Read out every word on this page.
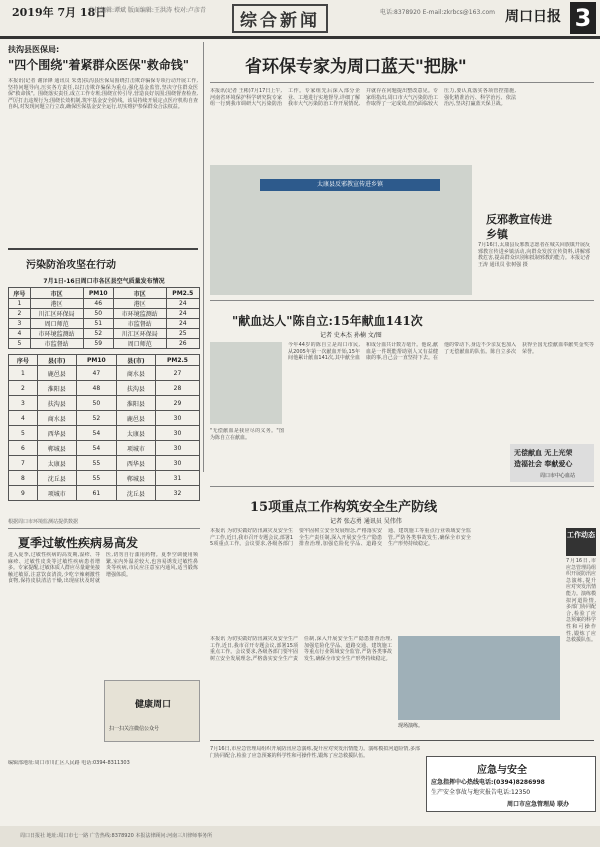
2019年 7月 18日
责任编辑:谭斌 版面编辑:王洪涛 校对:卢彦青
综合新闻	电话:8378920 E-mail:zkrbcs@163.com 周口日报 3
扶沟县医保局:
"四个围绕"着紧群众医保"救命钱"
本报讯(记者 谢泽锋 通讯员 朱勇)扶沟县医保局围绕打击欺诈骗保专项行动开展工作,坚持问题导向,压实各方责任,以打击欺诈骗保为重点,强化基金监管,坚决守住群众医保"救命钱"。围绕落实责任,成立工作专班;围绕宣传引导,营造良好氛围;围绕督查检查,严厉打击违规行为;围绕长效机制,筑牢基金安全防线。该局持续开展定点医疗机构自查自纠,对发现问题立行立改,确保医保基金安全运行,切实维护参保群众合法权益。
污染防治攻坚在行动
7月1日-16日周口市各区县空气质量发布情况
序号	市区	PM10	市区	PM2.5
1	港区	46	港区	24
2	川汇区环保局	50	市环境监测站	24
3	周口师范	51	市监督站	24
4	市环境监测站	52	川汇区环保局	25
5	市监督站	59	周口师范	26
序号	县(市)	PM10	县(市)	PM2.5
1	鹿邑县	47	商水县	27
2	淮阳县	48	扶沟县	28
3	扶沟县	50	淮阳县	29
4	商水县	52	鹿邑县	30
5	西华县	54	太康县	30
6	郸城县	54	项城市	30
7	太康县	55	西华县	30
8	沈丘县	55	郸城县	31
9	项城市	61	沈丘县	32
根据周口市环境监测站提供数据
夏季过敏性疾病易高发
进入夏季,过敏性疾病的高发期,湿疹、荨麻疹、过敏性皮炎等过敏性疾病患者增多。专家提醒,过敏体质人群应尽量避免接触过敏原,注意饮食清淡,少吃辛辣刺激性食物,保持皮肤清洁干燥,出现症状及时就医,切勿自行滥用药物。夏季空调使用频繁,室内外温差较大,也容易诱发过敏性鼻炎等疾病,市民应注意室内通风,适当锻炼增强体质。
健康周口
扫一扫关注微信公众号
编辑部地址:周口市川汇区人民路 电话:0394-8311303
省环保专家为周口蓝天"把脉"
本报讯(记者 王彬)7月17日上午,河南省环境保护科学研究院专家组一行到我市调研大气污染防治工作。专家组先后深入部分企业、工地进行实地督导,详细了解我市大气污染防治工作开展情况,并就存在问题提出整改意见。专家组指出,周口市大气污染防治工作取得了一定成效,但仍面临较大压力,要认真落实各项管控措施,强化精准治污、科学治污、依法治污,坚决打赢蓝天保卫战。
太康县反邪教宣传进乡镇
反邪教宣传进乡镇
7月16日,太康县反邪教志愿者在城关回族镇开展反邪教宣传进乡镇活动,向群众发放宣传资料,讲解邪教危害,提高群众识别和抵制邪教的能力。本报记者 王涛 通讯员 张树强 摄
"献血达人"陈自立:15年献血141次
记者 史本杰 孙楠 文/图
"无偿献血是我应尽的义务。"图为陈自立在献血。
今年44岁的陈自立是周口市民,从2005年第一次献血开始,15年间他累计献血141次,其中献全血和成分血共计数万毫升。他说,献血是一件既能帮助别人又有益健康的事,自己会一直坚持下去。在他的带动下,身边不少亲友也加入了无偿献血的队伍。陈自立多次获得全国无偿献血奉献奖金奖等荣誉。
无偿献血 无上光荣
造福社会 奉献爱心
周口市中心血站
15项重点工作构筑安全生产防线
记者 张志勇 通讯员 吴伟伟
本报讯 为切实做好防汛减灾及安全生产工作,近日,我市召开专题会议,部署15项重点工作。会议要求,各级各部门要牢固树立安全发展理念,严格落实安全生产责任制,深入开展安全生产隐患排查治理,加强危险化学品、道路交通、建筑施工等重点行业领域安全监管,严防各类事故发生,确保全市安全生产形势持续稳定。
现场演练。
本报讯 为切实做好防汛减灾及安全生产工作,近日,我市召开专题会议,部署15项重点工作。会议要求,各级各部门要牢固树立安全发展理念,严格落实安全生产责任制,深入开展安全生产隐患排查治理,加强危险化学品、道路交通、建筑施工等重点行业领域安全监管,严防各类事故发生,确保全市安全生产形势持续稳定。
工作动态
7月16日,市应急管理局组织开展防汛应急演练,提升应对突发汛情能力。演练模拟河道险情,多部门协同配合,检验了应急预案的科学性和可操作性,锻炼了应急救援队伍。
7月16日,市应急管理局组织开展防汛应急演练,提升应对突发汛情能力。演练模拟河道险情,多部门协同配合,检验了应急预案的科学性和可操作性,锻炼了应急救援队伍。
应急与安全
应急指挥中心热线电话:(0394)8286998
生产安全事故与地灾报告电话:12350
周口市应急管理局 联办
周口日报社 地址:周口市七一路 广告热线:8378920 本报法律顾问:河南三川律师事务所
